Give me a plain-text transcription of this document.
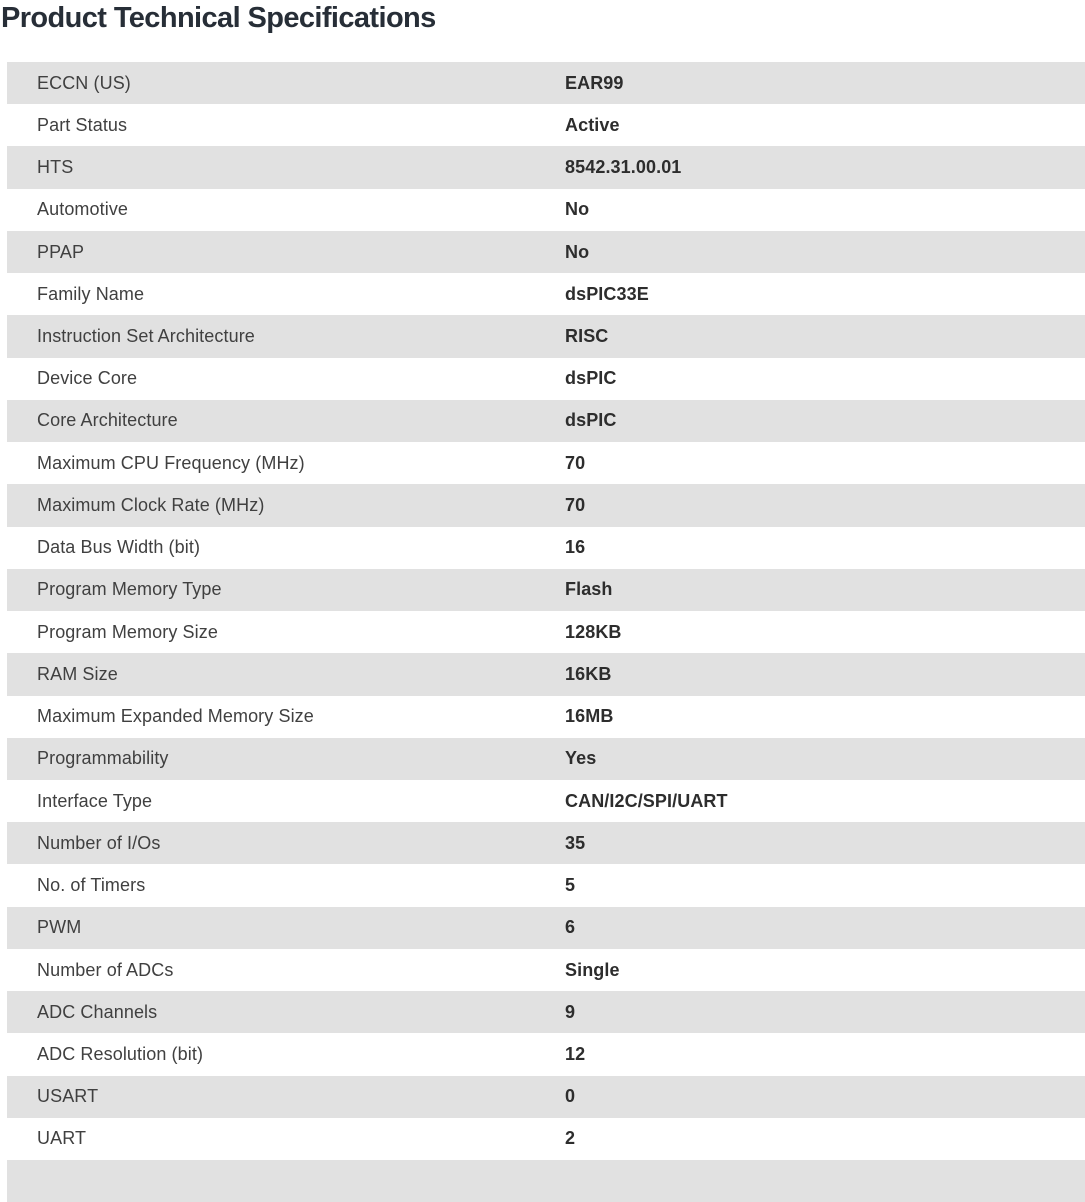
Product Technical Specifications
ECCN (US)	EAR99
Part Status	Active
HTS	8542.31.00.01
Automotive	No
PPAP	No
Family Name	dsPIC33E
Instruction Set Architecture	RISC
Device Core	dsPIC
Core Architecture	dsPIC
Maximum CPU Frequency (MHz)	70
Maximum Clock Rate (MHz)	70
Data Bus Width (bit)	16
Program Memory Type	Flash
Program Memory Size	128KB
RAM Size	16KB
Maximum Expanded Memory Size	16MB
Programmability	Yes
Interface Type	CAN/I2C/SPI/UART
Number of I/Os	35
No. of Timers	5
PWM	6
Number of ADCs	Single
ADC Channels	9
ADC Resolution (bit)	12
USART	0
UART	2
